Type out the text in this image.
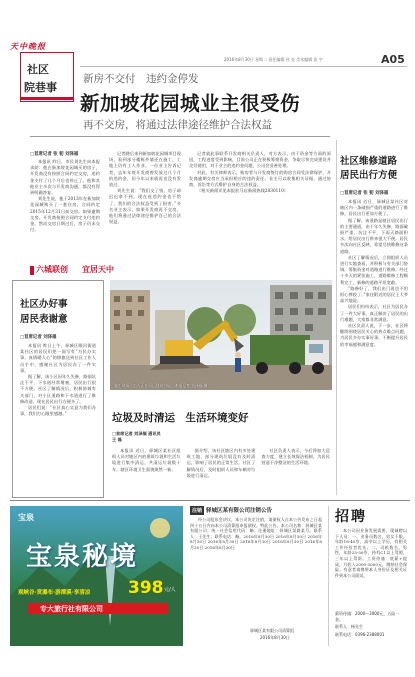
天中晚报
社区
院巷事
2016年8月30日 星期二 责任编辑 孙 亮 美术编辑 张 宇	A05
新房不交付　违约金停发
新加坡花园城业主很受伤
再不交房，将通过法律途径维护合法权益
□首席记者 张 韧 刘泽福

本报讯 昨日，市民刘先生向本报求助：他在新加坡花园城买的房子，开发商没有按照合同约定交房，违约金支付了几个月后也停止了。他和其他业主多次与开发商沟通，都没有得到明确答复。

刘先生说，他于2013年在新加坡花园城购买了一套住房，合同约定2015年12月31日前交房。如果逾期交房，开发商按照合同约定支付违约金。然而交房日期过后，房子仍未交付。

记者随后来到新加坡花园城项目现场，看到部分楼栋外墙还在施工，工地上仍有工人作业。一位业主告诉记者，去年年底开发商曾发放过几个月的违约金，但今年以来就再也没有发放过。

刘先生说：“我们交了钱，房子却迟迟拿不到，现在连违约金也不给了，我们的合法权益受到了损害。”多名业主表示，如果开发商再不交房，他们将通过法律途径维护自己的合法权益。

记者就此事联系开发商相关负责人，对方表示，由于资金等方面的原因，工程进度受到影响，目前公司正在积极筹措资金，争取尽快完成建设并交付使用，对于业主的违约金问题，公司会妥善处理。

对此，有关律师表示，购房者与开发商签订的购房合同受法律保护，开发商逾期交房应当承担相应的违约责任。业主可以收集相关证据，通过协商、诉讼等方式维护自身的合法权益。

（相关新闻详见本报驻马店新闻热线2830110）

社区维修道路
居民出行方便
□首席记者 张 韧 刘泽福

本报讯 近日，驿城区某社区对辖区内一条破损严重的道路进行了维修，居民出行更加方便了。

据了解，该道路是辖区居民出行的主要通道，由于年久失修，路面破损严重，坑洼不平，下雨天路面积水，给居民出行带来很大不便。居民多次向社区反映，希望尽快维修这条道路。

社区了解情况后，立即组织人员进行实地查看，并积极与有关部门协调，筹集资金对道路进行维修。经过十多天的紧张施工，道路维修工程顺利完工，新修的道路平坦宽敞。

“路修好了，我们出门再也不用担心摔跤了。”家住附近的居民王大爷高兴地说。

居民们纷纷表示，社区为居民办了一件大好事，真正解决了居民的出行难题，大家都非常满意。

社区负责人说，下一步，社区将继续围绕居民关心的热点难点问题，为居民多办实事好事，不断提升居民的幸福感和满意度。

六城联创 宜居天中
社区办好事
居民表谢意
□首席记者 刘泽福

本报讯 昨日上午，驿城区顺河街道某社区的居民们把一面写有“为民办实事，真情暖人心”的锦旗送到社区工作人员手中，感谢社区为居民办了一件实事。

据了解，该小区因年久失修，路面坑洼不平，下水道经常堵塞，居民出行很不方便。社区了解情况后，积极协调有关部门，对小区道路和下水道进行了维修改造，现在居民出行方便多了。

居民们说：“社区真心实意为我们办事，我们打心眼里感激。”

施工现场，工人正在清运建筑垃圾。本报记者 刘泽福 摄
垃圾及时清运　生活环境变好
□首席记者 刘泽福 通讯员 王 磊

本报讯 近日，驿城区某社区组织人员对辖区内的建筑垃圾和生活垃圾进行集中清运，共清运垃圾数十车，辖区环境卫生面貌焕然一新。

据介绍，该社区辖区内有多处建筑工地，部分建筑垃圾没有及时清运，影响了居民的正常生活。社区了解情况后，及时组织人员和车辆对垃圾进行清运。

社区负责人表示，今后将加大巡查力度，建立长效保洁机制，为居民营造干净整洁的生活环境。

宝泉
宝泉秘境
观峡谷·赏瀑布·游潭溪·享清凉 398 元/人
专大旅行社有限公司
注销 驿城区某有限公司注销公告
经公司股东会决议，本公司决定注销，请债权人自本公告发布之日起四十五日内向本公司清算组申报债权。特此公告。本公司名称：驿城区某有限公司；统一社会信用代码：略；注册地址：驿城区某路某号。联系人：王先生；联系电话：略。2016年8月30日 2016年8月30日 2016年8月30日 2016年8月30日 2016年8月30日 2016年8月30日 2016年8月30日 2016年8月30日
驿城区某有限公司清算组
2016年8月30日
招聘
本公司因业务发展需要，现诚聘以下人员：一、业务员数名，男女不限，年龄18-45岁，高中以上学历，有相关工作经验者优先。二、司机数名，男性，年龄25-50岁，持有C1以上驾照，三年以上驾龄。工资待遇：底薪+提成，月收入2000-3000元，缴纳社会保险。有意者请携带本人身份证及相关证件到本公司面试。
薪资待遇：2000—3000元，五险一金。
联系人：杨先生
联系电话：0396-2388001
